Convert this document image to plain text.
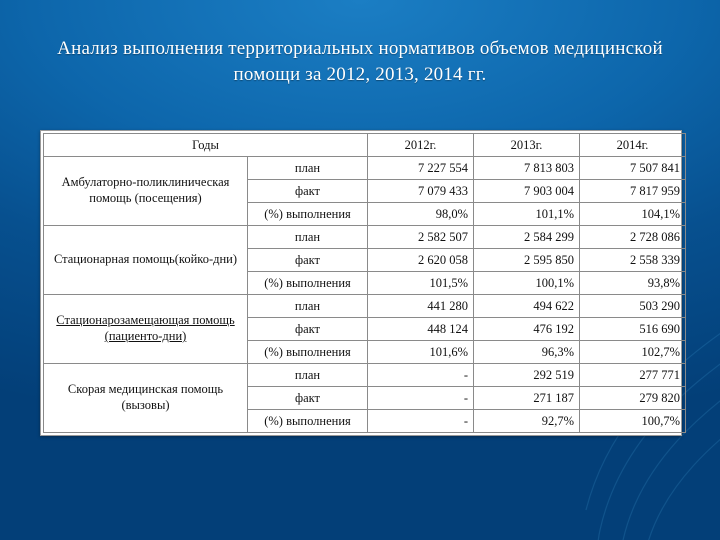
Анализ выполнения территориальных нормативов объемов медицинской помощи за 2012, 2013, 2014 гг.
Годы		2012г.	2013г.	2014г.
Амбулаторно-поликлиническая помощь (посещения)	план	7 227 554	7 813 803	7 507 841
	факт	7 079 433	7 903 004	7 817 959
	(%) выполнения	98,0%	101,1%	104,1%
Стационарная помощь(койко-дни)	план	2 582 507	2 584 299	2 728 086
	факт	2 620 058	2 595 850	2 558 339
	(%) выполнения	101,5%	100,1%	93,8%
Стационарозамещающая помощь (пациенто-дни)	план	441 280	494 622	503 290
	факт	448 124	476 192	516 690
	(%) выполнения	101,6%	96,3%	102,7%
Скорая медицинская помощь (вызовы)	план	-	292 519	277 771
	факт	-	271 187	279 820
	(%) выполнения	-	92,7%	100,7%
